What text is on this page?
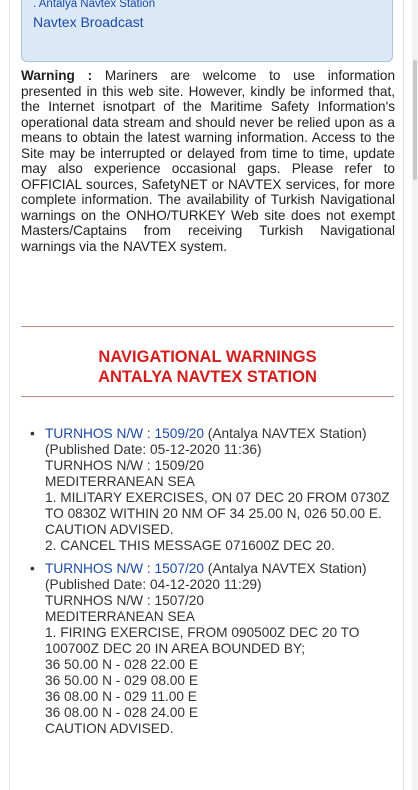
. Antalya Navtex Station
Navtex Broadcast
Warning : Mariners are welcome to use information presented in this web site. However, kindly be informed that, the Internet isnotpart of the Maritime Safety Information's operational data stream and should never be relied upon as a means to obtain the latest warning information. Access to the Site may be interrupted or delayed from time to time, update may also experience occasional gaps. Please refer to OFFICIAL sources, SafetyNET or NAVTEX services, for more complete information. The availability of Turkish Navigational warnings on the ONHO/TURKEY Web site does not exempt Masters/Captains from receiving Turkish Navigational warnings via the NAVTEX system.
NAVIGATIONAL WARNINGS
ANTALYA NAVTEX STATION
• TURNHOS N/W : 1509/20 (Antalya NAVTEX Station)
(Published Date: 05-12-2020 11:36)
TURNHOS N/W : 1509/20
MEDITERRANEAN SEA
1. MILITARY EXERCISES, ON 07 DEC 20 FROM 0730Z TO 0830Z WITHIN 20 NM OF 34 25.00 N, 026 50.00 E. CAUTION ADVISED.
2. CANCEL THIS MESSAGE 071600Z DEC 20.
• TURNHOS N/W : 1507/20 (Antalya NAVTEX Station)
(Published Date: 04-12-2020 11:29)
TURNHOS N/W : 1507/20
MEDITERRANEAN SEA
1. FIRING EXERCISE, FROM 090500Z DEC 20 TO 100700Z DEC 20 IN AREA BOUNDED BY;
36 50.00 N - 028 22.00 E
36 50.00 N - 029 08.00 E
36 08.00 N - 029 11.00 E
36 08.00 N - 028 24.00 E
CAUTION ADVISED.
